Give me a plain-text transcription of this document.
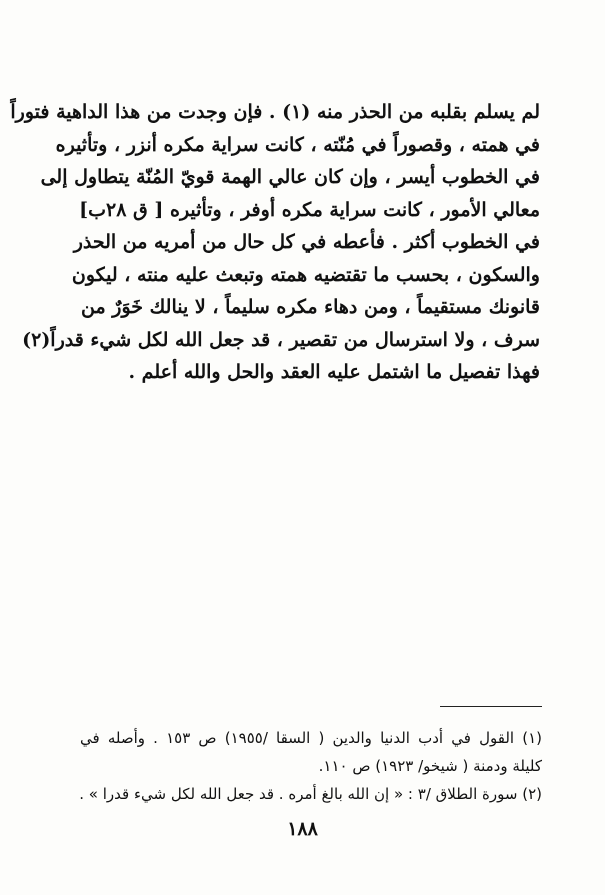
لم يسلم بقلبه من الحذر منه (١) . فإن وجدت من هذا الداهية فتوراً
في همته ، وقصوراً في مُنّته ، كانت سراية مكره أنزر ، وتأثيره
في الخطوب أيسر ، وإن كان عالي الهمة قويّ المُنّة يتطاول إلى
معالي الأمور ، كانت سراية مكره أوفر ، وتأثيره [ ق ٢٨ب]
في الخطوب أكثر . فأعطه في كل حال من أمريه من الحذر
والسكون ، بحسب ما تقتضيه همته وتبعث عليه منته ، ليكون
قانونك مستقيماً ، ومن دهاء مكره سليماً ، لا ينالك خَوَرٌ من
سرف ، ولا استرسال من تقصير ، قد جعل الله لكل شيء قدراً(٢)
فهذا تفصيل ما اشتمل عليه العقد والحل والله أعلم .
(١) القول في أدب الدنيا والدين ( السقا /١٩٥٥) ص ١٥٣ . وأصله في
كليلة ودمنة ( شيخو/ ١٩٢٣) ص ١١٠.
(٢) سورة الطلاق /٣ : « إن الله بالغ أمره . قد جعل الله لكل شيء قدرا » .
١٨٨
